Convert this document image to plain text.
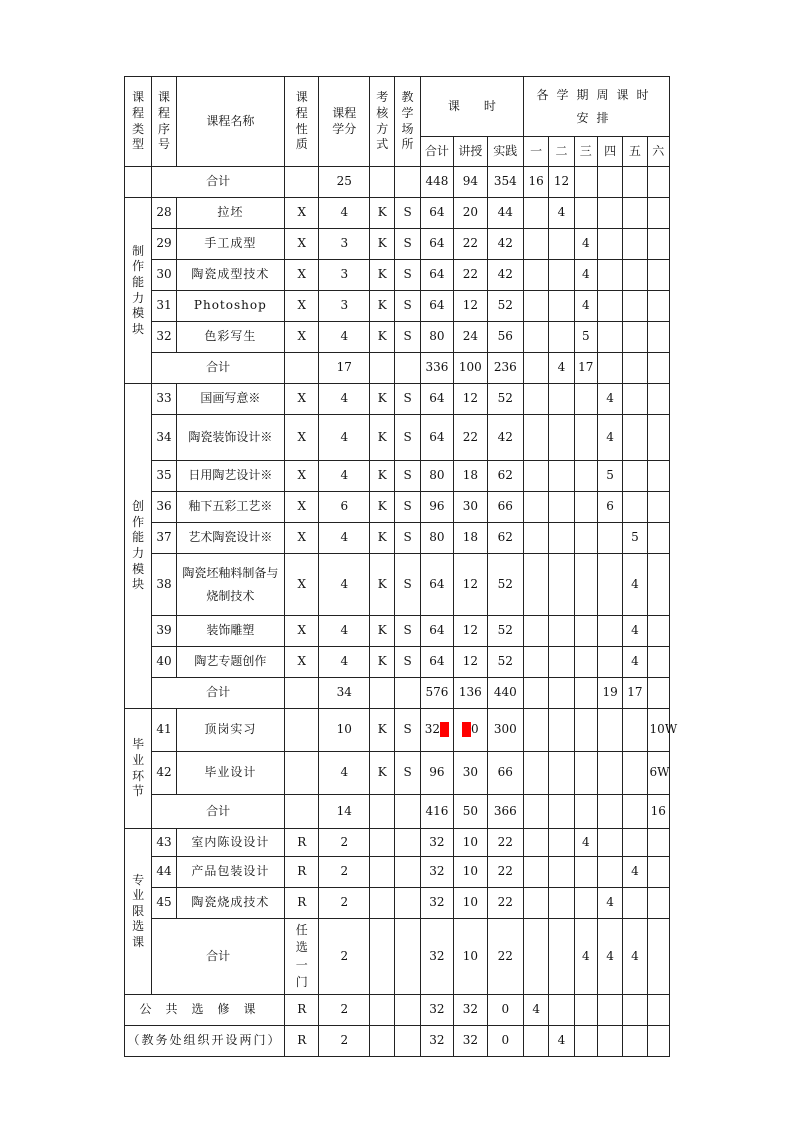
课程类型	课程序号	课程名称	课程性质	课程学分	考核方式	教学场所	课　　时			各学期周课时安排					

							合计	讲授	实践	一	二	三	四	五	六
	合计			25			448	94	354	16	12				
制作能力模块	28	拉坯	X	4	K	S	64	20	44		4				
	29	手工成型	X	3	K	S	64	22	42			4			
	30	陶瓷成型技术	X	3	K	S	64	22	42			4			
	31	Photoshop	X	3	K	S	64	12	52			4			
	32	色彩写生	X	4	K	S	80	24	56			5			
	合计			17			336	100	236		4	17			
创作能力模块	33	国画写意※	X	4	K	S	64	12	52				4		
	34	陶瓷装饰设计※	X	4	K	S	64	22	42				4		
	35	日用陶艺设计※	X	4	K	S	80	18	62				5		
	36	釉下五彩工艺※	X	6	K	S	96	30	66				6		
	37	艺术陶瓷设计※	X	4	K	S	80	18	62					5	
	38	陶瓷坯釉料制备与烧制技术	X	4	K	S	64	12	52					4	
	39	装饰雕塑	X	4	K	S	64	12	52					4	
	40	陶艺专题创作	X	4	K	S	64	12	52					4	
	合计			34			576	136	440				19	17	
毕业环节	41	顶岗实习		10	K	S	32	0	300						10W
	42	毕业设计		4	K	S	96	30	66						6W
	合计			14			416	50	366						16
专业限选课	43	室内陈设设计	R	2			32	10	22			4			
	44	产品包装设计	R	2			32	10	22					4	
	45	陶瓷烧成技术	R	2			32	10	22				4		
	合计		任选一门	2			32	10	22			4	4	4	
公共选修课			R	2			32	32	0	4					
（教务处组织开设两门）			R	2			32	32	0		4				
